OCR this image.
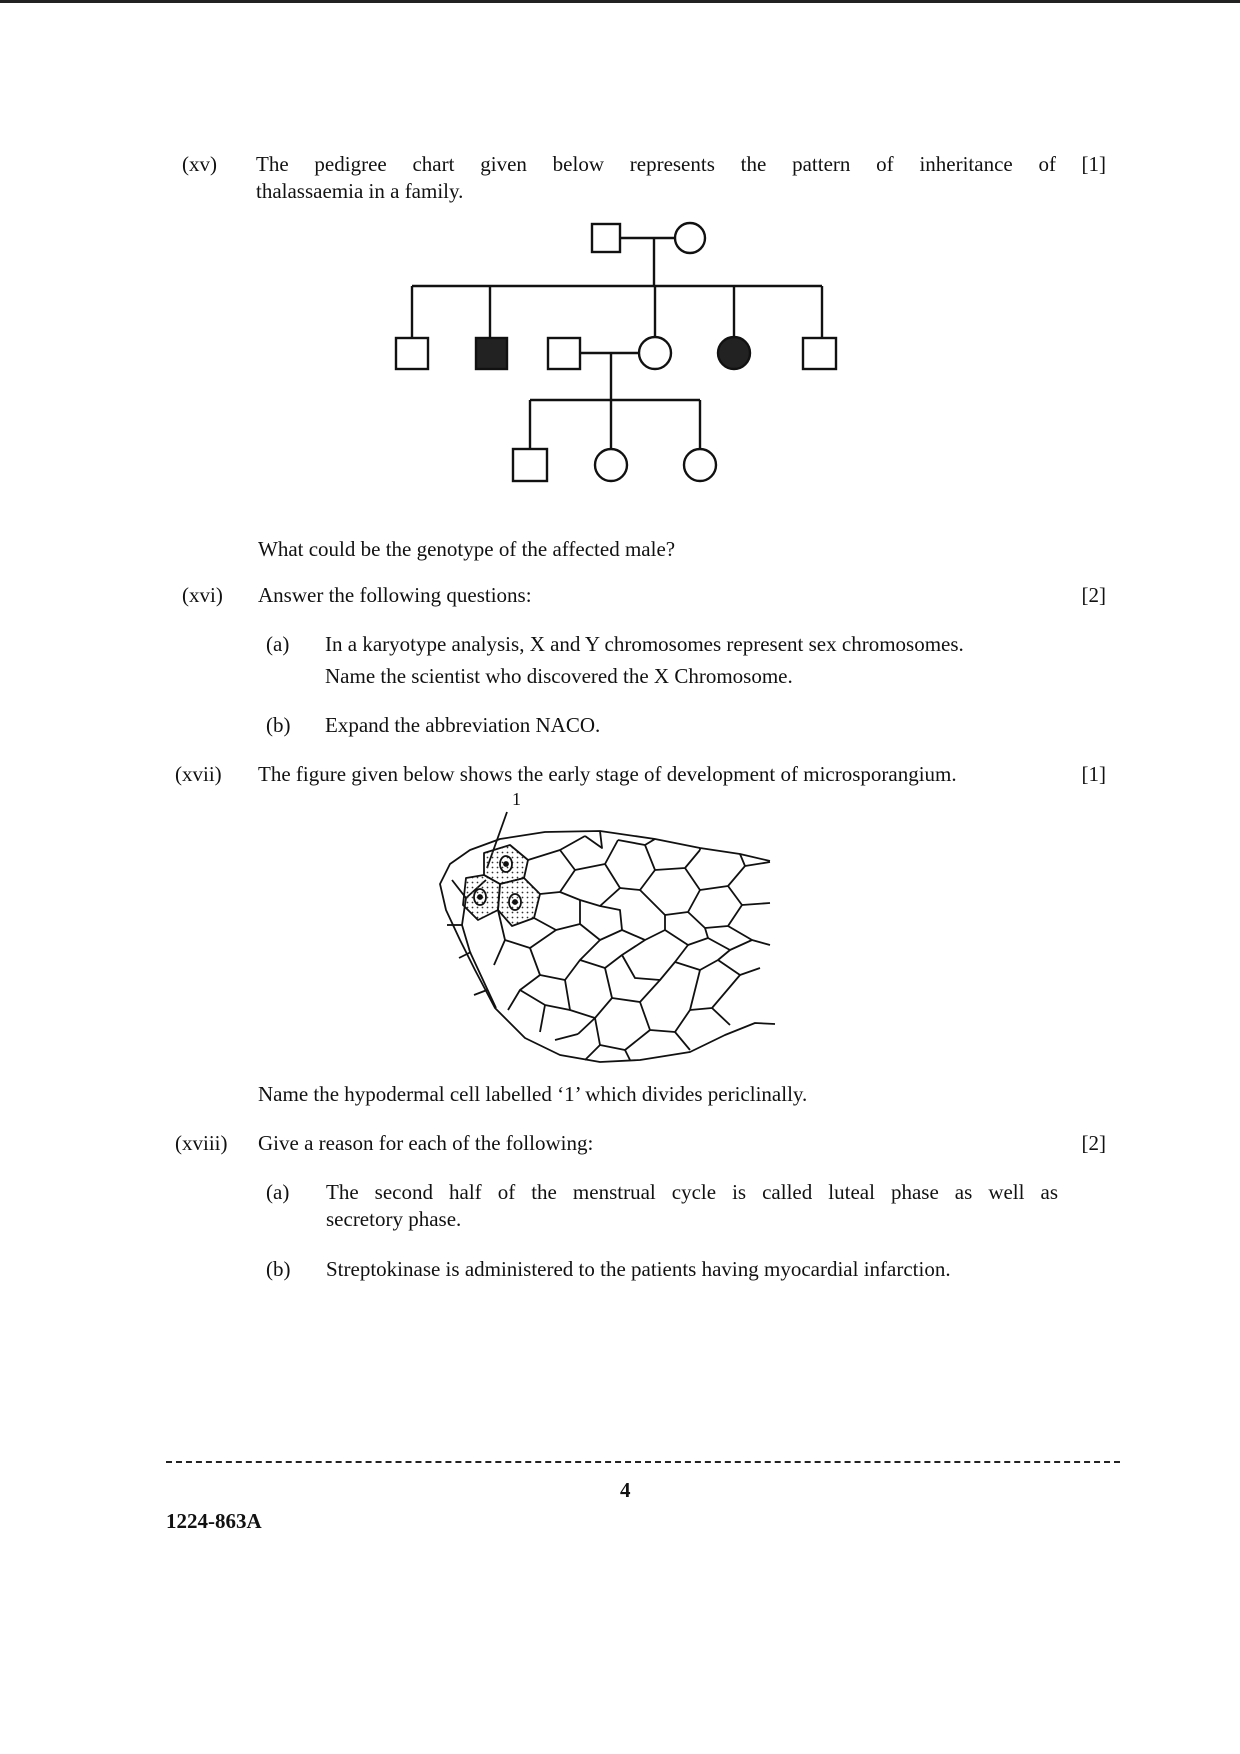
(xv) The pedigree chart given below represents the pattern of inheritance of
thalassaemia in a family.
[1]
What could be the genotype of the affected male?
(xvi) Answer the following questions:	[2]
(a) In a karyotype analysis, X and Y chromosomes represent sex chromosomes.
Name the scientist who discovered the X Chromosome.
(b) Expand the abbreviation NACO.
(xvii) The figure given below shows the early stage of development of microsporangium.	[1]
1
Name the hypodermal cell labelled ‘1’ which divides periclinally.
(xviii) Give a reason for each of the following:	[2]
(a) The second half of the menstrual cycle is called luteal phase as well as
secretory phase.
(b) Streptokinase is administered to the patients having myocardial infarction.
4
1224-863A
